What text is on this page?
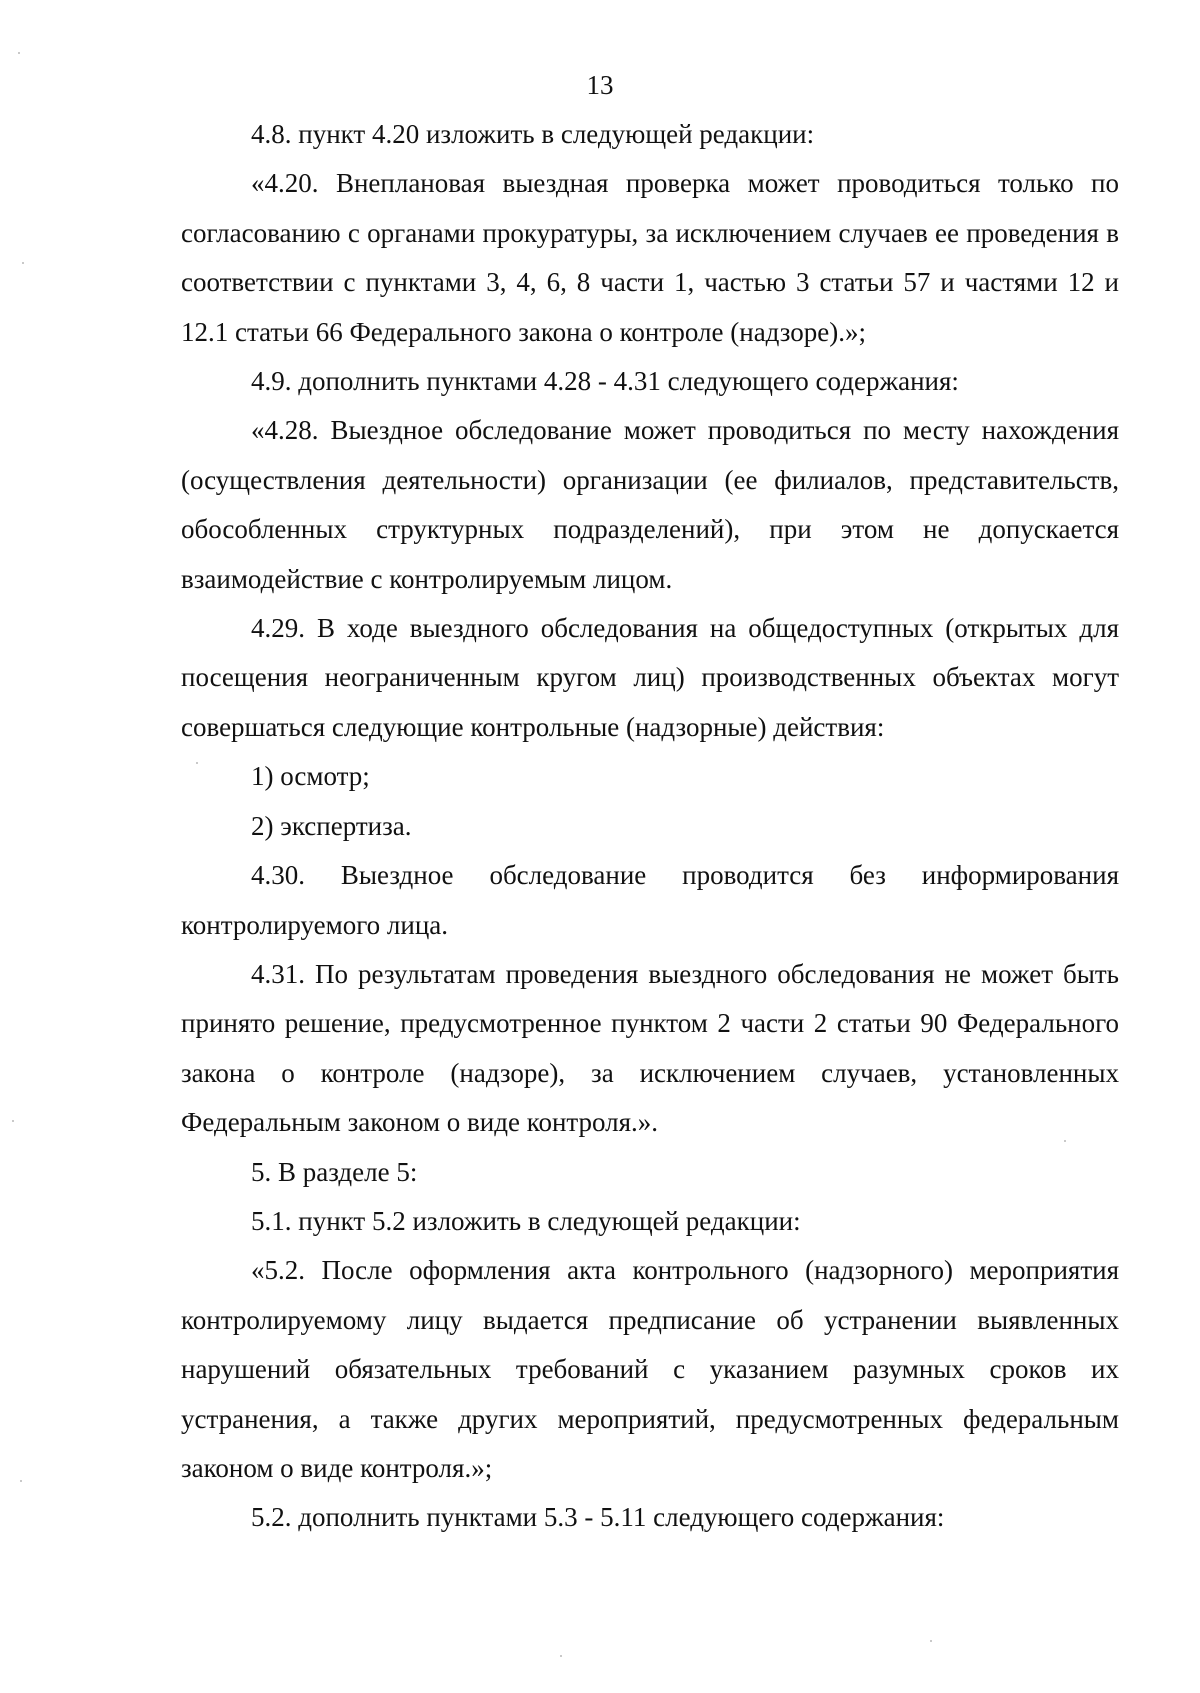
13

4.8. пункт 4.20 изложить в следующей редакции:

«4.20. Внеплановая выездная проверка может проводиться только по согласованию с органами прокуратуры, за исключением случаев ее проведения в соответствии с пунктами 3, 4, 6, 8 части 1, частью 3 статьи 57 и частями 12 и 12.1 статьи 66 Федерального закона о контроле (надзоре).»;

4.9. дополнить пунктами 4.28 - 4.31 следующего содержания:

«4.28. Выездное обследование может проводиться по месту нахождения (осуществления деятельности) организации (ее филиалов, представительств, обособленных структурных подразделений), при этом не допускается взаимодействие с контролируемым лицом.

4.29. В ходе выездного обследования на общедоступных (открытых для посещения неограниченным кругом лиц) производственных объектах могут совершаться следующие контрольные (надзорные) действия:

1) осмотр;

2) экспертиза.

4.30. Выездное обследование проводится без информирования контролируемого лица.

4.31. По результатам проведения выездного обследования не может быть принято решение, предусмотренное пунктом 2 части 2 статьи 90 Федерального закона о контроле (надзоре), за исключением случаев, установленных Федеральным законом о виде контроля.».

5. В разделе 5:

5.1. пункт 5.2 изложить в следующей редакции:

«5.2. После оформления акта контрольного (надзорного) мероприятия контролируемому лицу выдается предписание об устранении выявленных нарушений обязательных требований с указанием разумных сроков их устранения, а также других мероприятий, предусмотренных федеральным законом о виде контроля.»;

5.2. дополнить пунктами 5.3 - 5.11 следующего содержания:
